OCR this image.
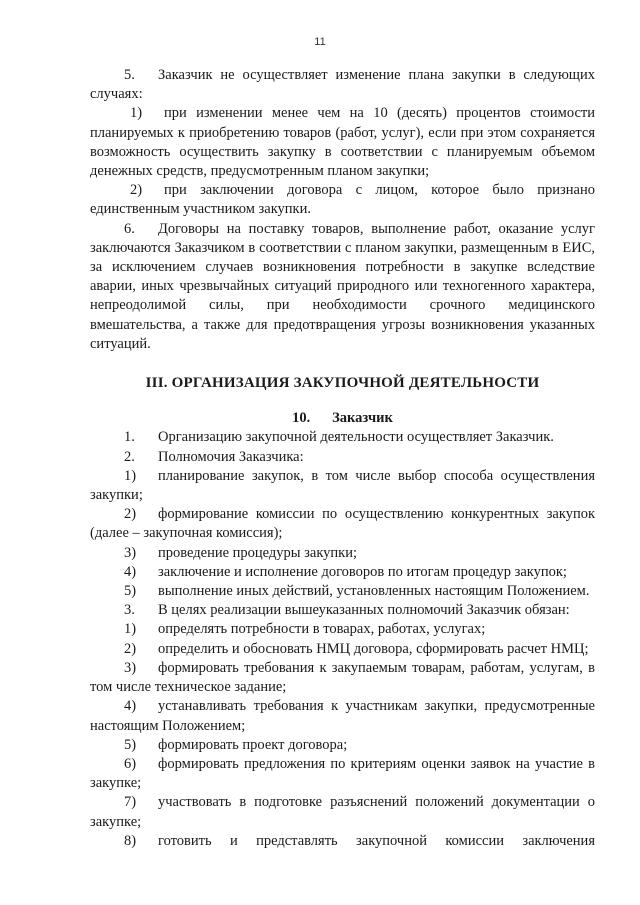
11

5. Заказчик не осуществляет изменение плана закупки в следующих случаях:

1) при изменении менее чем на 10 (десять) процентов стоимости планируемых к приобретению товаров (работ, услуг), если при этом сохраняется возможность осуществить закупку в соответствии с планируемым объемом денежных средств, предусмотренным планом закупки;

2) при заключении договора с лицом, которое было признано единственным участником закупки.

6. Договоры на поставку товаров, выполнение работ, оказание услуг заключаются Заказчиком в соответствии с планом закупки, размещенным в ЕИС, за исключением случаев возникновения потребности в закупке вследствие аварии, иных чрезвычайных ситуаций природного или техногенного характера, непреодолимой силы, при необходимости срочного медицинского вмешательства, а также для предотвращения угрозы возникновения указанных ситуаций.

III. ОРГАНИЗАЦИЯ ЗАКУПОЧНОЙ ДЕЯТЕЛЬНОСТИ

10. Заказчик

1. Организацию закупочной деятельности осуществляет Заказчик.

2. Полномочия Заказчика:

1) планирование закупок, в том числе выбор способа осуществления закупки;

2) формирование комиссии по осуществлению конкурентных закупок (далее – закупочная комиссия);

3) проведение процедуры закупки;

4) заключение и исполнение договоров по итогам процедур закупок;

5) выполнение иных действий, установленных настоящим Положением.

3. В целях реализации вышеуказанных полномочий Заказчик обязан:

1) определять потребности в товарах, работах, услугах;

2) определить и обосновать НМЦ договора, сформировать расчет НМЦ;

3) формировать требования к закупаемым товарам, работам, услугам, в том числе техническое задание;

4) устанавливать требования к участникам закупки, предусмотренные настоящим Положением;

5) формировать проект договора;

6) формировать предложения по критериям оценки заявок на участие в закупке;

7) участвовать в подготовке разъяснений положений документации о закупке;

8) готовить и представлять закупочной комиссии заключения
